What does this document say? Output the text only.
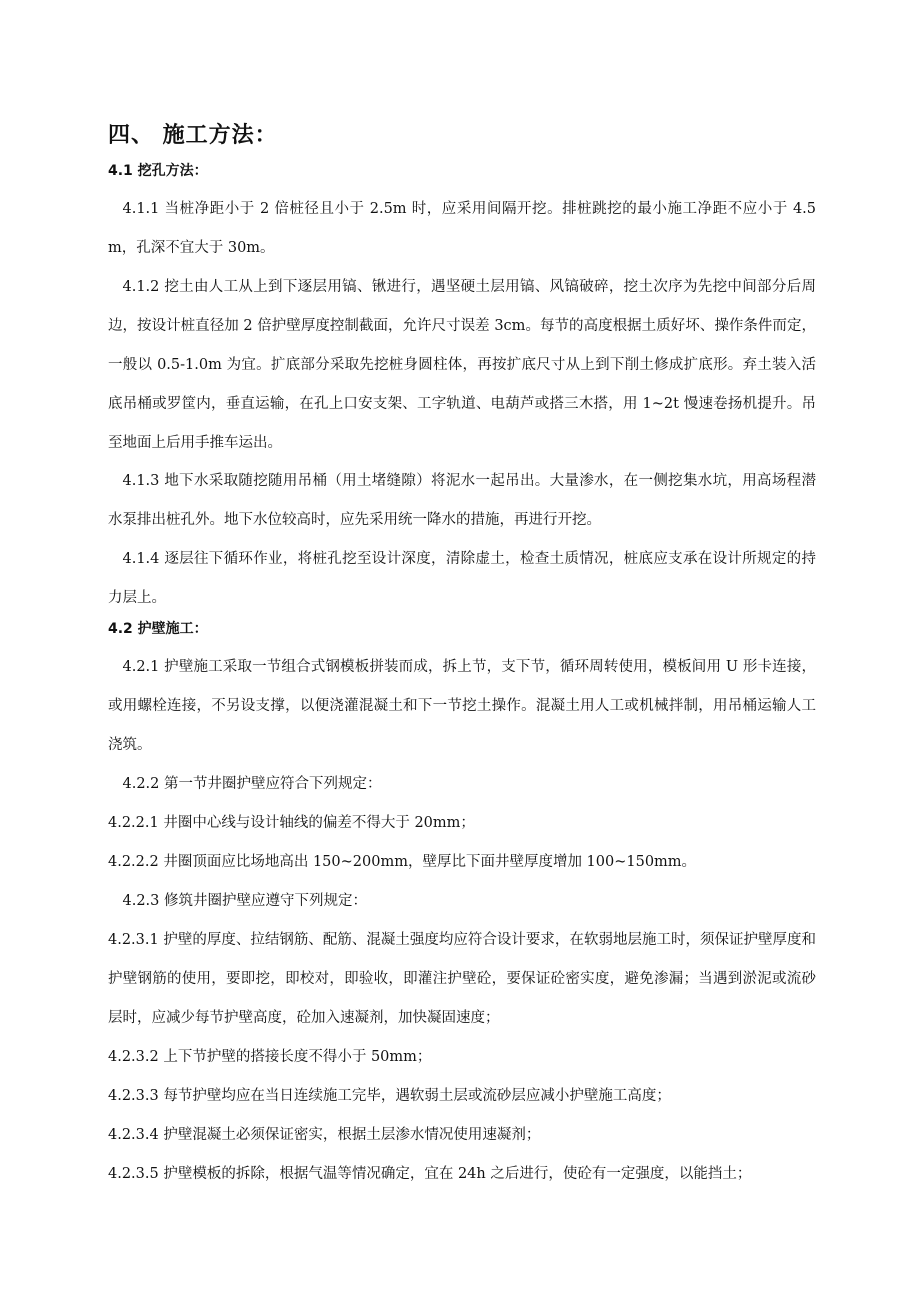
四、 施工方法：
4.1 挖孔方法：

4.1.1 当桩净距小于 2 倍桩径且小于 2.5m 时，应采用间隔开挖。排桩跳挖的最小施工净距不应小于 4.5m，孔深不宜大于 30m。

4.1.2 挖土由人工从上到下逐层用镐、锹进行，遇坚硬土层用镐、风镐破碎，挖土次序为先挖中间部分后周边，按设计桩直径加 2 倍护壁厚度控制截面，允许尺寸误差 3cm。每节的高度根据土质好坏、操作条件而定，一般以 0.5-1.0m 为宜。扩底部分采取先挖桩身圆柱体，再按扩底尺寸从上到下削土修成扩底形。弃土装入活底吊桶或罗筐内，垂直运输，在孔上口安支架、工字轨道、电葫芦或搭三木搭，用 1~2t 慢速卷扬机提升。吊至地面上后用手推车运出。

4.1.3 地下水采取随挖随用吊桶（用土堵缝隙）将泥水一起吊出。大量渗水，在一侧挖集水坑，用高场程潜水泵排出桩孔外。地下水位较高时，应先采用统一降水的措施，再进行开挖。

4.1.4 逐层往下循环作业，将桩孔挖至设计深度，清除虚土，检查土质情况，桩底应支承在设计所规定的持力层上。

4.2 护壁施工：

4.2.1 护壁施工采取一节组合式钢模板拼装而成，拆上节，支下节，循环周转使用，模板间用 U 形卡连接，或用螺栓连接，不另设支撑，以便浇灌混凝土和下一节挖土操作。混凝土用人工或机械拌制，用吊桶运输人工浇筑。

4.2.2 第一节井圈护壁应符合下列规定：

4.2.2.1 井圈中心线与设计轴线的偏差不得大于 20mm；

4.2.2.2 井圈顶面应比场地高出 150~200mm，壁厚比下面井壁厚度增加 100~150mm。

4.2.3 修筑井圈护壁应遵守下列规定：

4.2.3.1 护壁的厚度、拉结钢筋、配筋、混凝土强度均应符合设计要求，在软弱地层施工时，须保证护壁厚度和护壁钢筋的使用，要即挖，即校对，即验收，即灌注护壁砼，要保证砼密实度，避免渗漏；当遇到淤泥或流砂层时，应减少每节护壁高度，砼加入速凝剂，加快凝固速度；

4.2.3.2 上下节护壁的搭接长度不得小于 50mm；

4.2.3.3 每节护壁均应在当日连续施工完毕，遇软弱土层或流砂层应减小护壁施工高度；

4.2.3.4 护壁混凝土必须保证密实，根据土层渗水情况使用速凝剂；

4.2.3.5 护壁模板的拆除，根据气温等情况确定，宜在 24h 之后进行，使砼有一定强度，以能挡土；
